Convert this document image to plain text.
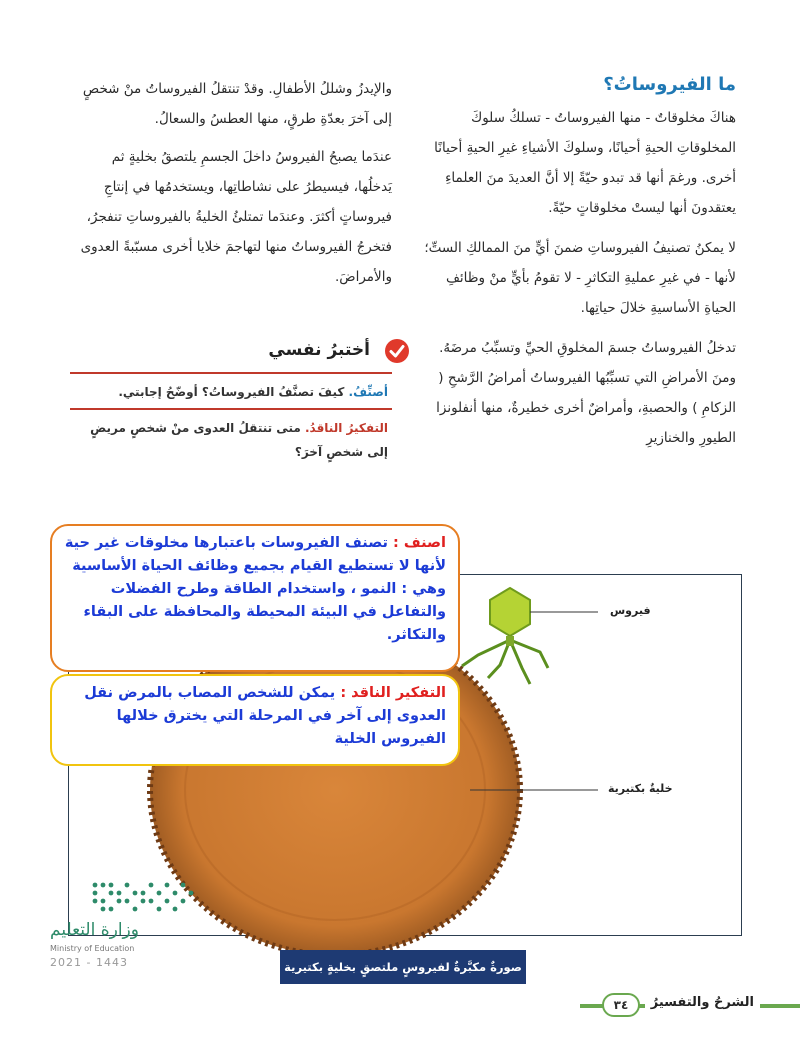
ما الفيروساتُ؟

هناكَ مخلوقاتٌ - منها الفيروساتُ - تسلكُ سلوكَ المخلوقاتِ الحيةِ أحيانًا، وسلوكَ الأشياءِ غيرِ الحيةِ أحيانًا أخرى. ورغمَ أنها قد تبدو حيّةً إلا أنَّ العديدَ منَ العلماءِ يعتقدونَ أنها ليستْ مخلوقاتٍ حيّةً.

لا يمكنُ تصنيفُ الفيروساتِ ضمنَ أيٍّ منَ الممالكِ الستِّ؛ لأنها - في غيرِ عمليةِ التكاثرِ - لا تقومُ بأيٍّ منْ وظائفِ الحياةِ الأساسيةِ خلالَ حياتِها.

تدخلُ الفيروساتُ جسمَ المخلوقِ الحيِّ وتسبِّبُ مرضَهُ. ومنَ الأمراضِ التي تسبِّبُها الفيروساتُ أمراضُ الرَّشحِ ( الزكامِ ) والحصبةِ، وأمراضٌ أخرى خطيرةٌ، منها أنفلونزا الطيورِ والخنازيرِ

والإيدزُ وشللُ الأطفالِ. وقدْ تنتقلُ الفيروساتُ منْ شخصٍ إلى آخرَ بعدّةِ طرقٍ، منها العطسُ والسعالُ.

عندَما يصبحُ الفيروسُ داخلَ الجسمِ يلتصقُ بخليةٍ ثم يَدخلُها، فيسيطرُ على نشاطاتِها، ويستخدمُها في إنتاجِ فيروساتٍ أكثرَ. وعندَما تمتلئُ الخليةُ بالفيروساتِ تنفجرُ، فتخرجُ الفيروساتُ منها لتهاجمَ خلايا أخرى مسبّبةً العدوى والأمراضَ.

أختبرُ نفسي
أصنِّفُ. كيفَ تصنَّفُ الفيروساتُ؟ أوضّحُ إجابتي.
التفكيرُ الناقدُ. متى تنتقلُ العدوى منْ شخصٍ مريضٍ إلى شخصٍ آخرَ؟
فيروس
خليةٌ بكتيرية
صورةٌ مكبَّرةٌ لفيروسٍ ملتصقٍ بخليةٍ بكتيرية

اصنف : تصنف الفيروسات باعتبارها مخلوقات غير حية لأنها لا تستطيع القيام بجميع وظائف الحياة الأساسية وهي : النمو ، واستخدام الطاقة وطرح الفضلات والتفاعل في البيئة المحيطة والمحافظة على البقاء والتكاثر.

التفكير الناقد : يمكن للشخص المصاب بالمرض نقل العدوى إلى آخر في المرحلة التي يخترق خلالها الفيروس الخلية

وزارة التعليم
Ministry of Education
2021 - 1443
الشرحُ والتفسيرُ
٣٤
